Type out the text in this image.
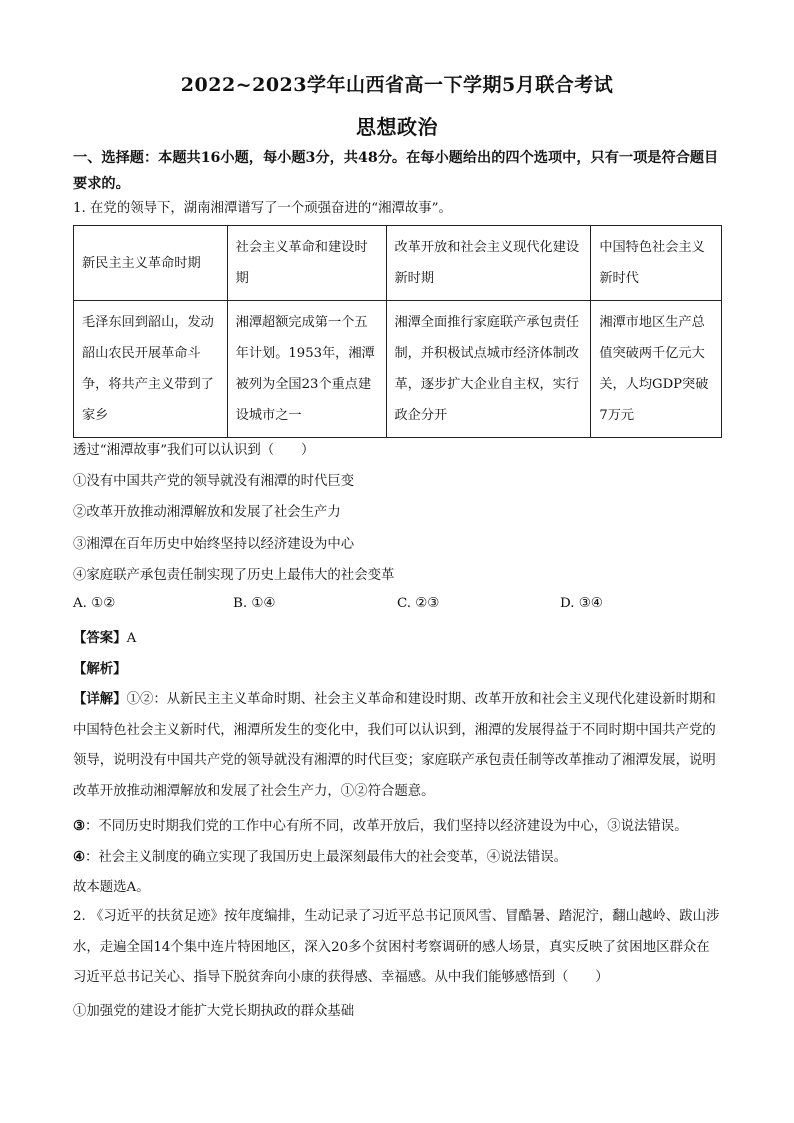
2022~2023学年山西省高一下学期5月联合考试
思想政治
一、选择题：本题共16小题，每小题3分，共48分。在每小题给出的四个选项中，只有一项是符合题目要求的。
1. 在党的领导下，湖南湘潭谱写了一个顽强奋进的“湘潭故事”。
新民主主义革命时期	社会主义革命和建设时期	改革开放和社会主义现代化建设新时期	中国特色社会主义新时代
毛泽东回到韶山，发动韶山农民开展革命斗争，将共产主义带到了家乡	湘潭超额完成第一个五年计划。1953年，湘潭被列为全国23个重点建设城市之一	湘潭全面推行家庭联产承包责任制，并积极试点城市经济体制改革，逐步扩大企业自主权，实行政企分开	湘潭市地区生产总值突破两千亿元大关，人均GDP突破7万元
透过“湘潭故事”我们可以认识到（　　）
①没有中国共产党的领导就没有湘潭的时代巨变
②改革开放推动湘潭解放和发展了社会生产力
③湘潭在百年历史中始终坚持以经济建设为中心
④家庭联产承包责任制实现了历史上最伟大的社会变革
A. ①②	B. ①④	C. ②③	D. ③④
【答案】A
【解析】
【详解】①②：从新民主主义革命时期、社会主义革命和建设时期、改革开放和社会主义现代化建设新时期和中国特色社会主义新时代，湘潭所发生的变化中，我们可以认识到，湘潭的发展得益于不同时期中国共产党的领导，说明没有中国共产党的领导就没有湘潭的时代巨变；家庭联产承包责任制等改革推动了湘潭发展，说明改革开放推动湘潭解放和发展了社会生产力，①②符合题意。
③：不同历史时期我们党的工作中心有所不同，改革开放后，我们坚持以经济建设为中心，③说法错误。
④：社会主义制度的确立实现了我国历史上最深刻最伟大的社会变革，④说法错误。
故本题选A。
2. 《习近平的扶贫足迹》按年度编排，生动记录了习近平总书记顶风雪、冒酷暑、踏泥泞，翻山越岭、跋山涉水，走遍全国14个集中连片特困地区，深入20多个贫困村考察调研的感人场景，真实反映了贫困地区群众在习近平总书记关心、指导下脱贫奔向小康的获得感、幸福感。从中我们能够感悟到（　　）
①加强党的建设才能扩大党长期执政的群众基础
